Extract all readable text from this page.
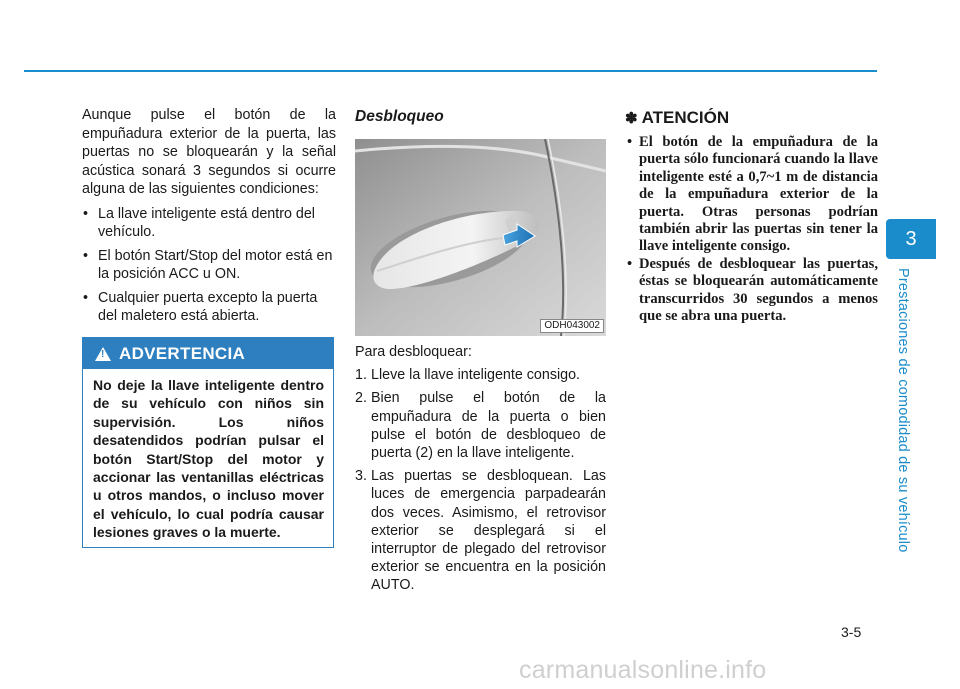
Aunque pulse el botón de la empuñadura exterior de la puerta, las puertas no se bloquearán y la señal acústica sonará 3 segundos si ocurre alguna de las siguientes condiciones:

• La llave inteligente está dentro del vehículo.
• El botón Start/Stop del motor está en la posición ACC u ON.
• Cualquier puerta excepto la puerta del maletero está abierta.
! ADVERTENCIA
No deje la llave inteligente dentro de su vehículo con niños sin supervisión. Los niños desatendidos podrían pulsar el botón Start/Stop del motor y accionar las ventanillas eléctricas u otros mandos, o incluso mover el vehículo, lo cual podría causar lesiones graves o la muerte.
Desbloqueo
ODH043002

Para desbloquear:

1. Lleve la llave inteligente consigo.
2. Bien pulse el botón de la empuñadura de la puerta o bien pulse el botón de desbloqueo de puerta (2) en la llave inteligente.
3. Las puertas se desbloquean. Las luces de emergencia parpadearán dos veces. Asimismo, el retrovisor exterior se desplegará si el interruptor de plegado del retrovisor exterior se encuentra en la posición AUTO.
✽ ATENCIÓN
• El botón de la empuñadura de la puerta sólo funcionará cuando la llave inteligente esté a 0,7~1 m de distancia de la empuñadura exterior de la puerta. Otras personas podrían también abrir las puertas sin tener la llave inteligente consigo.
• Después de desbloquear las puertas, éstas se bloquearán automáticamente transcurridos 30 segundos a menos que se abra una puerta.
3
Prestaciones de comodidad de su vehículo
3-5
carmanualsonline.info
